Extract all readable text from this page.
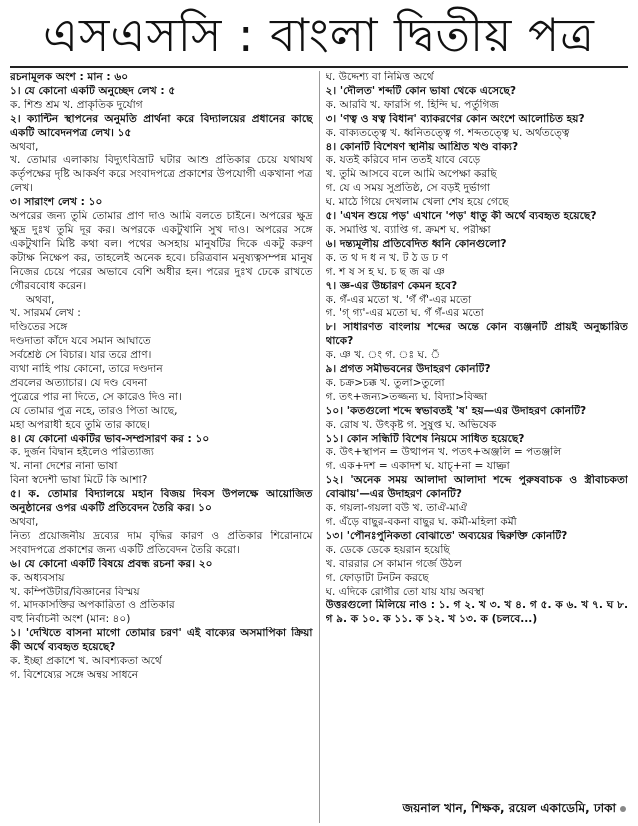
এসএসসি : বাংলা দ্বিতীয় পত্র
রচনামূলক অংশ : মান : ৬০
১। যে কোনো একটি অনুচ্ছেদ লেখ : ৫
ক. শিশু শ্রম খ. প্রাকৃতিক দুর্যোগ
২। ক্যান্টিন স্থাপনের অনুমতি প্রার্থনা করে বিদ্যালয়ের প্রধানের কাছে একটি আবেদনপত্র লেখ। ১৫
অথবা,
খ. তোমার এলাকায় বিদ্যুৎবিভ্রাট ঘটার আশু প্রতিকার চেয়ে যথাযথ কর্তৃপক্ষের দৃষ্টি আকর্ষণ করে সংবাদপত্রে প্রকাশের উপযোগী একখানা পত্র লেখ।
৩। সারাংশ লেখ : ১০
অপরের জন্য তুমি তোমার প্রাণ দাও আমি বলতে চাইনে। অপরের ক্ষুদ্র ক্ষুদ্র দুঃখ তুমি দূর কর। অপরকে একটুখানি সুখ দাও। অপরের সঙ্গে একটুখানি মিষ্টি কথা বল। পথের অসহায় মানুষটির দিকে একটু করুণ কটাক্ষ নিক্ষেপ কর, তাহলেই অনেক হবে। চরিত্রবান মনুষ্যত্বসম্পন্ন মানুষ নিজের চেয়ে পরের অভাবে বেশি অধীর হন। পরের দুঃখ ঢেকে রাখতে গৌরববোধ করেন।
অথবা,
খ. সারমর্ম লেখ :
দণ্ডিতের সঙ্গে
দণ্ডদাতা কাঁদে যবে সমান আঘাতে
সর্বশ্রেষ্ঠ সে বিচার। যার তরে প্রাণ।
ব্যথা নাহি পায় কোনো, তারে দণ্ডদান
প্রবলের অত্যাচার। যে দণ্ড বেদনা
পুত্রেরে পার না দিতে, সে কারেও দিও না।
যে তোমার পুত্র নহে, তারও পিতা আছে,
মহা অপরাধী হবে তুমি তার কাছে।
৪। যে কোনো একটির ভাব-সম্প্রসারণ কর : ১০
ক. দুর্জন বিদ্বান হইলেও পরিত্যাজ্য
খ. নানা দেশের নানা ভাষা
বিনা স্বদেশী ভাষা মিটে কি আশা?
৫। ক. তোমার বিদ্যালয়ে মহান বিজয় দিবস উপলক্ষে আয়োজিত অনুষ্ঠানের ওপর একটি প্রতিবেদন তৈরি কর। ১০
অথবা,
নিত্য প্রয়োজনীয় দ্রব্যের দাম বৃদ্ধির কারণ ও প্রতিকার শিরোনামে সংবাদপত্রে প্রকাশের জন্য একটি প্রতিবেদন তৈরি করো।
৬। যে কোনো একটি বিষয়ে প্রবন্ধ রচনা কর। ২০
ক. অধ্যবসায়
খ. কম্পিউটার/বিজ্ঞানের বিস্ময়
গ. মাদকাসক্তির অপকারিতা ও প্রতিকার
বহু নির্বাচনী অংশ (মান: ৪০)
১। 'দেখিতে বাসনা মাগো তোমার চরণ' এই বাক্যের অসমাপিকা ক্রিয়া কী অর্থে ব্যবহৃত হয়েছে?
ক. ইচ্ছা প্রকাশে খ. আবশ্যকতা অর্থে
গ. বিশেষ্যের সঙ্গে অন্বয় সাধনে
ঘ. উদ্দেশ্য বা নিমিত্ত অর্থে
২। 'দৌলত' শব্দটি কোন ভাষা থেকে এসেছে?
ক. আরবি খ. ফারসি গ. হিন্দি ঘ. পর্তুগিজ
৩। 'ণত্ব ও ষত্ব বিধান' ব্যাকরণের কোন অংশে আলোচিত হয়?
ক. বাক্যতত্ত্বে খ. ধ্বনিতত্ত্বে গ. শব্দতত্ত্বে ঘ. অর্থতত্ত্বে
৪। কোনটি বিশেষণ স্থানীয় আশ্রিত খণ্ড বাক্য?
ক. যতই করিবে দান ততই যাবে বেড়ে
খ. তুমি আসবে বলে আমি অপেক্ষা করছি
গ. যে এ সময় সুপ্রতিষ্ঠ, সে বড়ই দুর্ভাগা
ঘ. মাঠে গিয়ে দেখলাম খেলা শেষ হয়ে গেছে
৫। 'এখন শুয়ে পড়' এখানে 'পড়' ধাতু কী অর্থে ব্যবহৃত হয়েছে?
ক. সমাপ্তি খ. ব্যাপ্তি গ. ক্রমশ ঘ. পরীক্ষা
৬। দন্ত্যমূলীয় প্রতিবেদিত ধ্বনি কোনগুলো?
ক. ত থ দ ধ ন খ. ট ঠ ড ঢ ণ
গ. শ ষ স হ ঘ. চ ছ জ ঝ ঞ
৭। জ্ঞ-এর উচ্চারণ কেমন হবে?
ক. গঁ-এর মতো খ. 'গঁ গঁ'-এর মতো
গ. 'গ্ গ্য'-এর মতো ঘ. গঁ গঁ-এর মতো
৮। সাধারণত বাংলায় শব্দের অন্তে কোন ব্যঞ্জনটি প্রায়ই অনুচ্চারিত থাকে?
ক. ঞ খ. ং গ. ঃ ঘ. ঁ
৯। প্রগত সমীভবনের উদাহরণ কোনটি?
ক. চক্র>চক্ক খ. তুলা>তুলো
গ. তৎ+জন্য>তজ্জন্য ঘ. বিদ্যা>বিজ্জা
১০। 'কতগুলো শব্দে স্বভাবতই 'ষ' হয়—এর উদাহরণ কোনটি?
ক. রোষ খ. উৎকৃষ্ট গ. সুষুপ্ত ঘ. অভিষেক
১১। কোন সন্ধিটি বিশেষ নিয়মে সাধিত হয়েছে?
ক. উৎ+স্থাপন = উত্থাপন খ. পতৎ+অঞ্জলি = পতঞ্জলি
গ. এক+দশ = একাদশ ঘ. যাচ্+না = যাচ্ঞা
১২। 'অনেক সময় আলাদা আলাদা শব্দে পুরুষবাচক ও স্ত্রীবাচকতা বোঝায়'—এর উদাহরণ কোনটি?
ক. গয়লা-গয়লা বউ খ. তাঐ-মাঐ
গ. এঁড়ে বাছুর-বকনা বাছুর ঘ. কর্মী-মহিলা কর্মী
১৩। 'পৌনঃপুনিকতা বোঝাতে' অব্যয়ের দ্বিরুক্তি কোনটি?
ক. ডেকে ডেকে হয়রান হয়েছি
খ. বাররার সে কামান গর্জে উঠল
গ. ফোড়াটা টনটন করছে
ঘ. এদিকে রোগীর তো যায় যায় অবস্থা
উত্তরগুলো মিলিয়ে নাও : ১. গ ২. খ ৩. খ ৪. গ ৫. ক ৬. খ ৭. ঘ ৮. গ ৯. ক ১০. ক ১১. ক ১২. খ ১৩. ক (চলবে...)
জয়নাল খান, শিক্ষক, রয়েল একাডেমি, ঢাকা
